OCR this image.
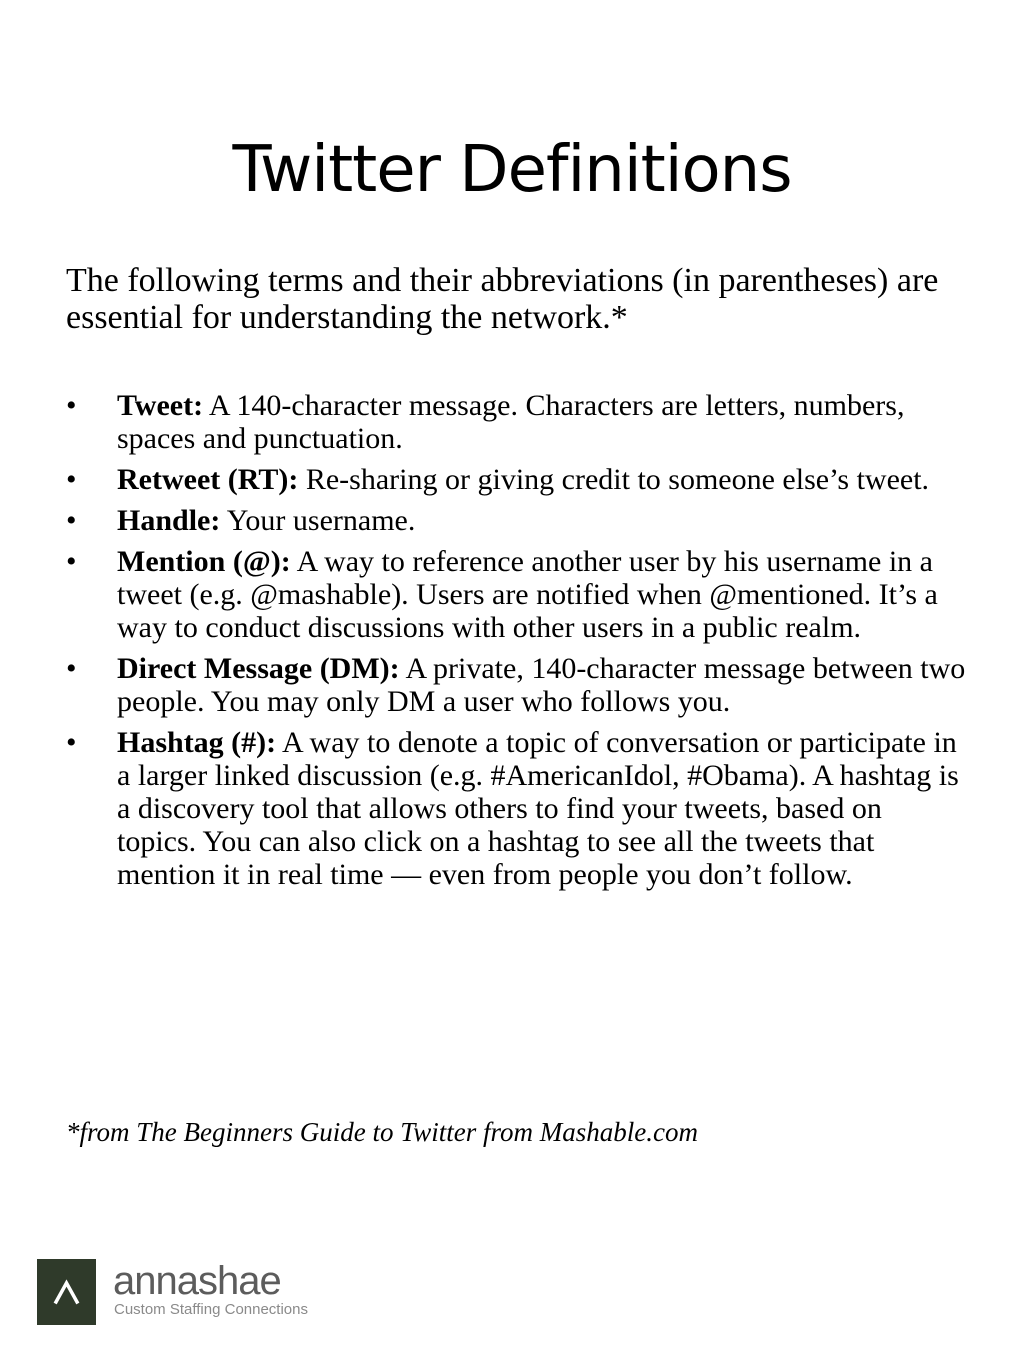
Twitter Definitions

The following terms and their abbreviations (in parentheses) are essential for understanding the network.*

•	Tweet: A 140-character message. Characters are letters, numbers, spaces and punctuation.
•	Retweet (RT): Re-sharing or giving credit to someone else’s tweet.
•	Handle: Your username.
•	Mention (@): A way to reference another user by his username in a tweet (e.g. @mashable). Users are notified when @mentioned. It’s a way to conduct discussions with other users in a public realm.
•	Direct Message (DM): A private, 140-character message between two people. You may only DM a user who follows you.
•	Hashtag (#): A way to denote a topic of conversation or participate in a larger linked discussion (e.g. #AmericanIdol, #Obama). A hashtag is a discovery tool that allows others to find your tweets, based on topics. You can also click on a hashtag to see all the tweets that mention it in real time — even from people you don’t follow.

*from The Beginners Guide to Twitter from Mashable.com

annashae
Custom Staffing Connections
